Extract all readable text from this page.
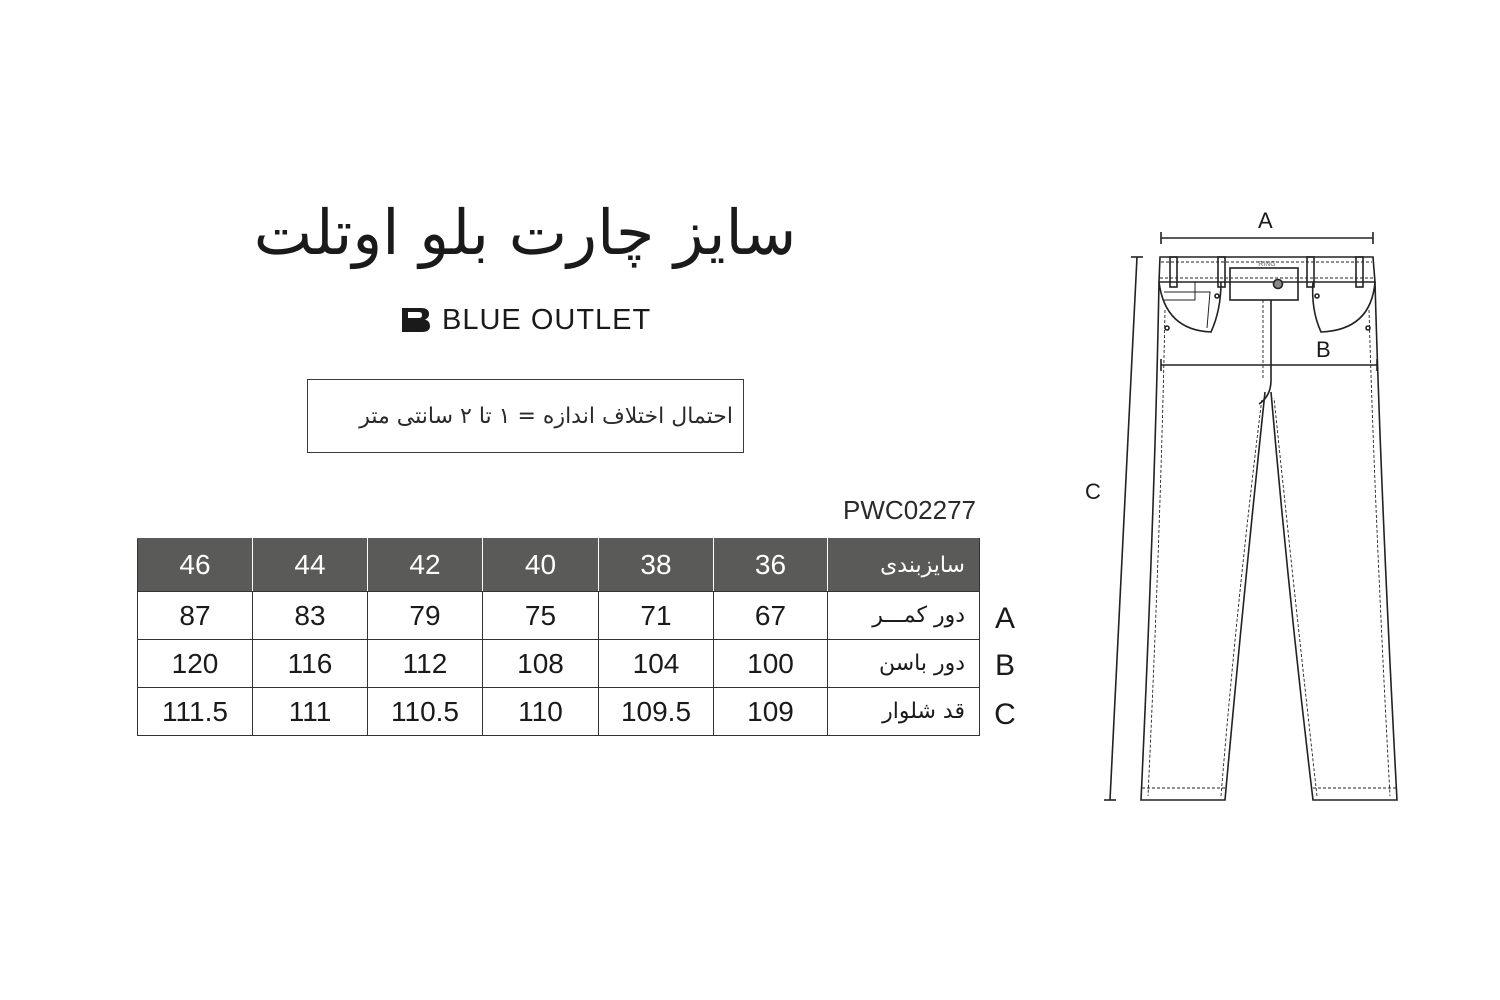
سایز چارت بلو اوتلت
BLUE OUTLET
احتمال اختلاف اندازه = ۱ تا ۲ سانتی متر
PWC02277
46	44	42	40	38	36	سایزبندی
87	83	79	75	71	67	دور کمـــر
120	116	112	108	104	100	دور باسن
111.5	111	110.5	110	109.5	109	قد شلوار
A
B
C
RING
A
B
C
